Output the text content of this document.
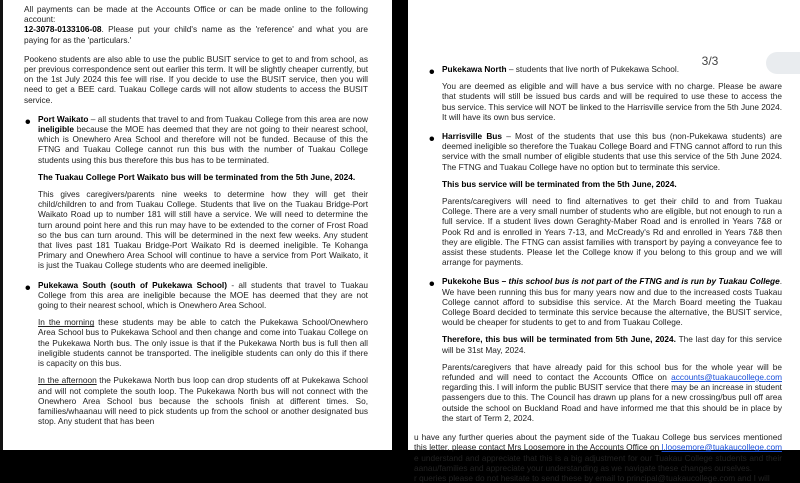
All payments can be made at the Accounts Office or can be made online to the following account:

12-3078-0133106-08. Please put your child's name as the 'reference' and what you are paying for as the 'particulars.'

Pookeno students are also able to use the public BUSIT service to get to and from school, as per previous correspondence sent out earlier this term. It will be slightly cheaper currently, but on the 1st July 2024 this fee will rise. If you decide to use the BUSIT service, then you will need to get a BEE card. Tuakau College cards will not allow students to access the BUSIT service.

• Port Waikato – all students that travel to and from Tuakau College from this area are now ineligible because the MOE has deemed that they are not going to their nearest school, which is Onewhero Area School and therefore will not be funded. Because of this the FTNG and Tuakau College cannot run this bus with the number of Tuakau College students using this bus therefore this bus has to be terminated.

The Tuakau College Port Waikato bus will be terminated from the 5th June, 2024.

This gives caregivers/parents nine weeks to determine how they will get their child/children to and from Tuakau College. Students that live on the Tuakau Bridge-Port Waikato Road up to number 181 will still have a service. We will need to determine the turn around point here and this run may have to be extended to the corner of Frost Road so the bus can turn around. This will be determined in the next few weeks. Any student that lives past 181 Tuakau Bridge-Port Waikato Rd is deemed ineligible. Te Kohanga Primary and Onewhero Area School will continue to have a service from Port Waikato, it is just the Tuakau College students who are deemed ineligible.

• Pukekawa South (south of Pukekawa School) - all students that travel to Tuakau College from this area are ineligible because the MOE has deemed that they are not going to their nearest school, which is Onewhero Area School.

In the morning these students may be able to catch the Pukekawa School/Onewhero Area School bus to Pukekawa School and then change and come into Tuakau College on the Pukekawa North bus. The only issue is that if the Pukekawa North bus is full then all ineligible students cannot be transported. The ineligible students can only do this if there is capacity on this bus.

In the afternoon the Pukekawa North bus loop can drop students off at Pukekawa School and will not complete the south loop. The Pukekawa North bus will not connect with the Onewhero Area School bus because the schools finish at different times. So, families/whaanau will need to pick students up from the school or another designated bus stop. Any student that has been

• Pukekawa North – students that live north of Pukekawa School.

You are deemed as eligible and will have a bus service with no charge. Please be aware that students will still be issued bus cards and will be required to use these to access the bus service. This service will NOT be linked to the Harrisville service from the 5th June 2024. It will have its own bus service.

• Harrisville Bus – Most of the students that use this bus (non-Pukekawa students) are deemed ineligible so therefore the Tuakau College Board and FTNG cannot afford to run this service with the small number of eligible students that use this service of the 5th June 2024. The FTNG and Tuakau College have no option but to terminate this service.

This bus service will be terminated from the 5th June, 2024.

Parents/caregivers will need to find alternatives to get their child to and from Tuakau College. There are a very small number of students who are eligible, but not enough to run a full service. If a student lives down Geraghty-Maber Road and is enrolled in Years 7&8 or Pook Rd and is enrolled in Years 7-13, and McCready's Rd and enrolled in Years 7&8 then they are eligible. The FTNG can assist families with transport by paying a conveyance fee to assist these students. Please let the College know if you belong to this group and we will arrange for payments.

• Pukekohe Bus – this school bus is not part of the FTNG and is run by Tuakau College. We have been running this bus for many years now and due to the increased costs Tuakau College cannot afford to subsidise this service. At the March Board meeting the Tuakau College Board decided to terminate this service because the alternative, the BUSIT service, would be cheaper for students to get to and from Tuakau College.

Therefore, this bus will be terminated from 5th June, 2024. The last day for this service will be 31st May, 2024.

Parents/caregivers that have already paid for this school bus for the whole year will be refunded and will need to contact the Accounts Office on accounts@tuakaucollege.com regarding this. I will inform the public BUSIT service that there may be an increase in student passengers due to this. The Council has drawn up plans for a new crossing/bus pull off area outside the school on Buckland Road and have informed me that this should be in place by the start of Term 2, 2024.

u have any further queries about the payment side of the Tuakau College bus services mentioned this letter, please contact Mrs Loosemore in the Accounts Office on l.loosemore@tuakaucollege.com

e understand and appreciate that this is a big adjustment for our Tuakau College students and their aanau/families and appreciate your understanding as we navigate these changes ourselves.

r queries please do not hesitate to send these by email to principal@tuakaucollege.com and I will

3/3
